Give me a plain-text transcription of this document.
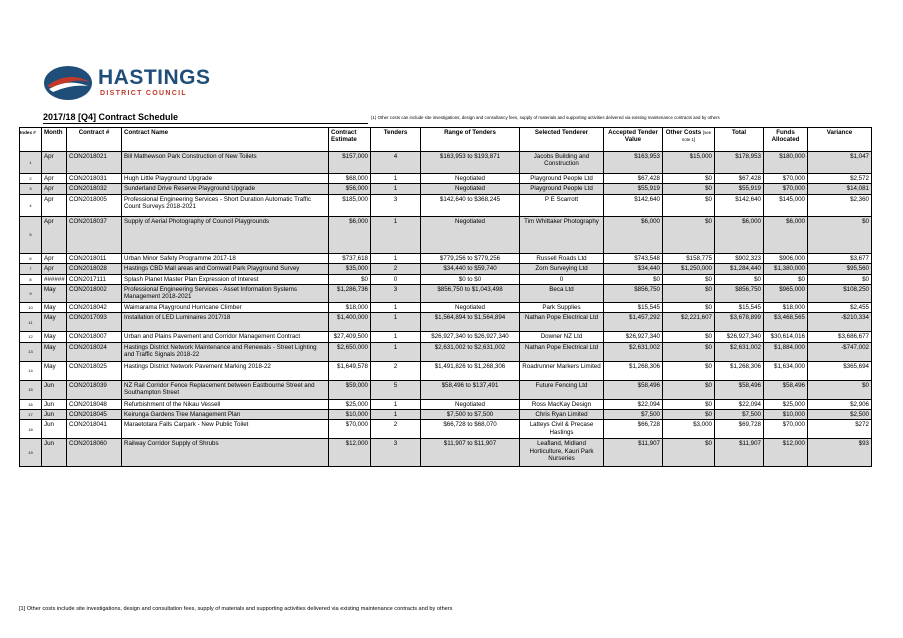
HASTINGS
DISTRICT COUNCIL
2017/18 [Q4] Contract Schedule	(1) Other costs can include site investigations, design and consultancy fees, supply of materials and supporting activities delivered via existing maintenance contracts and by others
Index #	Month	Contract #	Contract Name	Contract Estimate	Tenders	Range of Tenders	Selected Tenderer	Accepted Tender Value	Other Costs [see note 1]	Total	Funds Allocated	Variance
1	Apr	CON2018021	Bill Mathewson Park Construction of New Toilets	$157,000	4	$163,953 to $193,871	Jacobs Building and Construction	$163,953	$15,000	$178,953	$180,000	$1,047
2	Apr	CON2018031	Hugh Little Playground Upgrade	$68,000	1	Negotiated	Playground People Ltd	$67,428	$0	$67,428	$70,000	$2,572
3	Apr	CON2018032	Sunderland Drive Reserve Playground Upgrade	$56,000	1	Negotiated	Playground People Ltd	$55,919	$0	$55,919	$70,000	$14,081
4	Apr	CON2018005	Professional Engineering Services - Short Duration Automatic Traffic Count Surveys 2018-2021	$185,000	3	$142,640 to $368,245	P E Scarrott	$142,640	$0	$142,640	$145,000	$2,360
5	Apr	CON2018037	Supply of Aerial Photography of Council Playgrounds	$6,000	1	Negotiated	Tim Whittaker Photography	$6,000	$0	$6,000	$6,000	$0
6	Apr	CON2018011	Urban Minor Safety Programme 2017-18	$737,618	1	$779,256 to $779,256	Russell Roads Ltd	$743,548	$158,775	$902,323	$906,000	$3,677
7	Apr	CON2018028	Hastings CBD Mall areas and Cornwall Park Playground Survey	$35,000	2	$34,440 to $59,740	Zorn Surveying Ltd	$34,440	$1,250,000	$1,284,440	$1,380,000	$95,560
8	######	CON2017111	Splash Planet Master Plan Expression of Interest	$0	0	$0 to $0	0	$0	$0	$0	$0	$0
9	May	CON2018002	Professional Engineering Services - Asset Information Systems Management 2018-2021	$1,286,736	3	$856,750 to $1,043,498	Beca Ltd	$856,750	$0	$856,750	$965,000	$108,250
10	May	CON2018042	Waimarama Playground Hurricane Climber	$18,000	1	Negotiated	Park Supplies	$15,545	$0	$15,545	$18,000	$2,455
11	May	CON2017093	Installation of LED Luminaires 2017/18	$1,400,000	1	$1,564,894 to $1,564,894	Nathan Pope Electrical Ltd	$1,457,292	$2,221,607	$3,678,899	$3,468,565	-$210,334
12	May	CON2018007	Urban and Plains Pavement and Corridor Management Contract	$27,409,500	1	$26,927,340 to $26,927,340	Downer NZ Ltd	$26,927,340	$0	$26,927,340	$30,614,016	$3,686,677
13	May	CON2018024	Hastings District Network Maintenance and Renewals - Street Lighting and Traffic Signals 2018-22	$2,650,000	1	$2,631,002 to $2,631,002	Nathan Pope Electrical Ltd	$2,631,002	$0	$2,631,002	$1,884,000	-$747,002
14	May	CON2018025	Hastings District Network Pavement Marking 2018-22	$1,649,578	2	$1,491,826 to $1,268,306	Roadrunner Markers Limited	$1,268,306	$0	$1,268,306	$1,634,000	$365,694
15	Jun	CON2018039	NZ Rail Corridor Fence Replacement between Eastbourne Street and Southampton Street	$59,000	5	$58,496 to $137,491	Future Fencing Ltd	$58,496	$0	$58,496	$58,496	$0
16	Jun	CON2018048	Refurbishment of the Nikau Vessell	$25,000	1	Negotiated	Ross MacKay Design	$22,094	$0	$22,094	$25,000	$2,906
17	Jun	CON2018045	Keirunga Gardens Tree Management Plan	$10,000	1	$7,500 to $7,500	Chris Ryan Limited	$7,500	$0	$7,500	$10,000	$2,500
18	Jun	CON2018041	Maraetotara Falls Carpark - New Public Toilet	$70,000	2	$66,728 to $68,070	Latteys Civil & Precase Hastings	$66,728	$3,000	$69,728	$70,000	$272
19	Jun	CON2018060	Railway Corridor Supply of Shrubs	$12,000	3	$11,907 to $11,907	Leafland, Midland Horticulture, Kauri Park Nurseries	$11,907	$0	$11,907	$12,000	$93
[1] Other costs include site investigations, design and consultation fees, supply of materials and supporting activities delivered via existing maintenance contracts and by others
